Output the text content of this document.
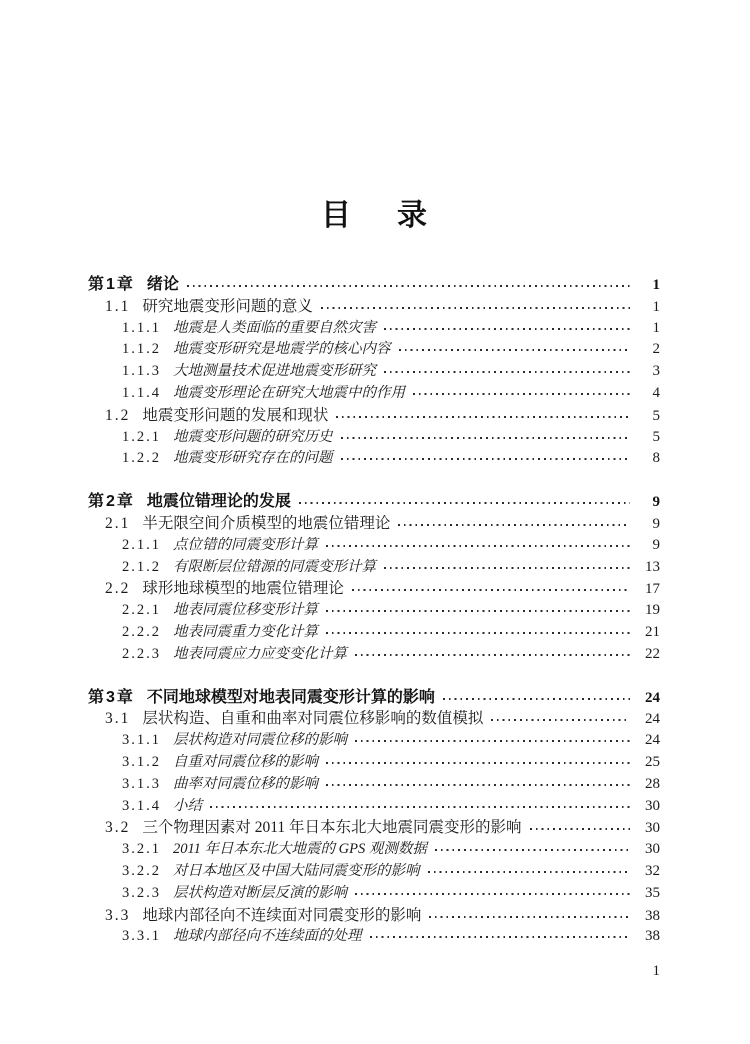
目　录
第1章 绪论	1
1.1 研究地震变形问题的意义	1
1.1.1 地震是人类面临的重要自然灾害	1
1.1.2 地震变形研究是地震学的核心内容	2
1.1.3 大地测量技术促进地震变形研究	3
1.1.4 地震变形理论在研究大地震中的作用	4
1.2 地震变形问题的发展和现状	5
1.2.1 地震变形问题的研究历史	5
1.2.2 地震变形研究存在的问题	8
第2章 地震位错理论的发展	9
2.1 半无限空间介质模型的地震位错理论	9
2.1.1 点位错的同震变形计算	9
2.1.2 有限断层位错源的同震变形计算	13
2.2 球形地球模型的地震位错理论	17
2.2.1 地表同震位移变形计算	19
2.2.2 地表同震重力变化计算	21
2.2.3 地表同震应力应变变化计算	22
第3章 不同地球模型对地表同震变形计算的影响	24
3.1 层状构造、自重和曲率对同震位移影响的数值模拟	24
3.1.1 层状构造对同震位移的影响	24
3.1.2 自重对同震位移的影响	25
3.1.3 曲率对同震位移的影响	28
3.1.4 小结	30
3.2 三个物理因素对 2011 年日本东北大地震同震变形的影响	30
3.2.1 2011 年日本东北大地震的 GPS 观测数据	30
3.2.2 对日本地区及中国大陆同震变形的影响	32
3.2.3 层状构造对断层反演的影响	35
3.3 地球内部径向不连续面对同震变形的影响	38
3.3.1 地球内部径向不连续面的处理	38
1
